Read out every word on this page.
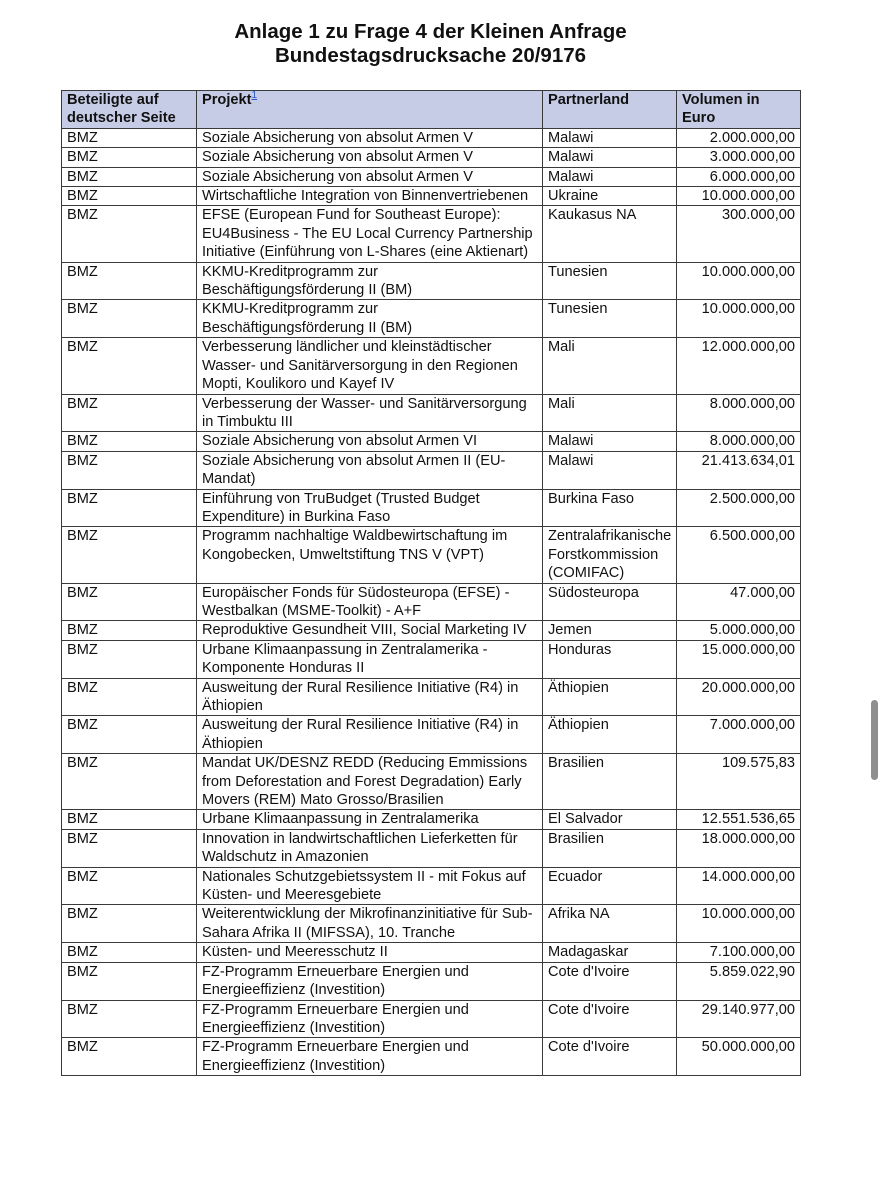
Anlage 1 zu Frage 4 der Kleinen Anfrage

Bundestagsdrucksache 20/9176

Beteiligte auf deutscher Seite	Projekt$^1$	Partnerland	Volumen in Euro
BMZ	Soziale Absicherung von absolut Armen V	Malawi	2.000.000,00
BMZ	Soziale Absicherung von absolut Armen V	Malawi	3.000.000,00
BMZ	Soziale Absicherung von absolut Armen V	Malawi	6.000.000,00
BMZ	Wirtschaftliche Integration von Binnenvertriebenen	Ukraine	10.000.000,00
BMZ	EFSE (European Fund for Southeast Europe): EU4Business - The EU Local Currency Partnership Initiative (Einführung von L-Shares (eine Aktienart)	Kaukasus NA	300.000,00
BMZ	KKMU-Kreditprogramm zur Beschäftigungsförderung II (BM)	Tunesien	10.000.000,00
BMZ	KKMU-Kreditprogramm zur Beschäftigungsförderung II (BM)	Tunesien	10.000.000,00
BMZ	Verbesserung ländlicher und kleinstädtischer Wasser- und Sanitärversorgung in den Regionen Mopti, Koulikoro und Kayef IV	Mali	12.000.000,00
BMZ	Verbesserung der Wasser- und Sanitärversorgung in Timbuktu III	Mali	8.000.000,00
BMZ	Soziale Absicherung von absolut Armen VI	Malawi	8.000.000,00
BMZ	Soziale Absicherung von absolut Armen II (EU-Mandat)	Malawi	21.413.634,01
BMZ	Einführung von TruBudget (Trusted Budget Expenditure) in Burkina Faso	Burkina Faso	2.500.000,00
BMZ	Programm nachhaltige Waldbewirtschaftung im Kongobecken, Umweltstiftung TNS V (VPT)	Zentralafrikanische Forstkommission (COMIFAC)	6.500.000,00
BMZ	Europäischer Fonds für Südosteuropa (EFSE) - Westbalkan (MSME-Toolkit) - A+F	Südosteuropa	47.000,00
BMZ	Reproduktive Gesundheit VIII, Social Marketing IV	Jemen	5.000.000,00
BMZ	Urbane Klimaanpassung in Zentralamerika - Komponente Honduras II	Honduras	15.000.000,00
BMZ	Ausweitung der Rural Resilience Initiative (R4) in Äthiopien	Äthiopien	20.000.000,00
BMZ	Ausweitung der Rural Resilience Initiative (R4) in Äthiopien	Äthiopien	7.000.000,00
BMZ	Mandat UK/DESNZ REDD (Reducing Emmissions from Deforestation and Forest Degradation) Early Movers (REM) Mato Grosso/Brasilien	Brasilien	109.575,83
BMZ	Urbane Klimaanpassung in Zentralamerika	El Salvador	12.551.536,65
BMZ	Innovation in landwirtschaftlichen Lieferketten für Waldschutz in Amazonien	Brasilien	18.000.000,00
BMZ	Nationales Schutzgebietssystem II - mit Fokus auf Küsten- und Meeresgebiete	Ecuador	14.000.000,00
BMZ	Weiterentwicklung der Mikrofinanzinitiative für Sub-Sahara Afrika II (MIFSSA), 10. Tranche	Afrika NA	10.000.000,00
BMZ	Küsten- und Meeresschutz II	Madagaskar	7.100.000,00
BMZ	FZ-Programm Erneuerbare Energien und Energieeffizienz (Investition)	Cote d'Ivoire	5.859.022,90
BMZ	FZ-Programm Erneuerbare Energien und Energieeffizienz (Investition)	Cote d'Ivoire	29.140.977,00
BMZ	FZ-Programm Erneuerbare Energien und Energieeffizienz (Investition)	Cote d'Ivoire	50.000.000,00
